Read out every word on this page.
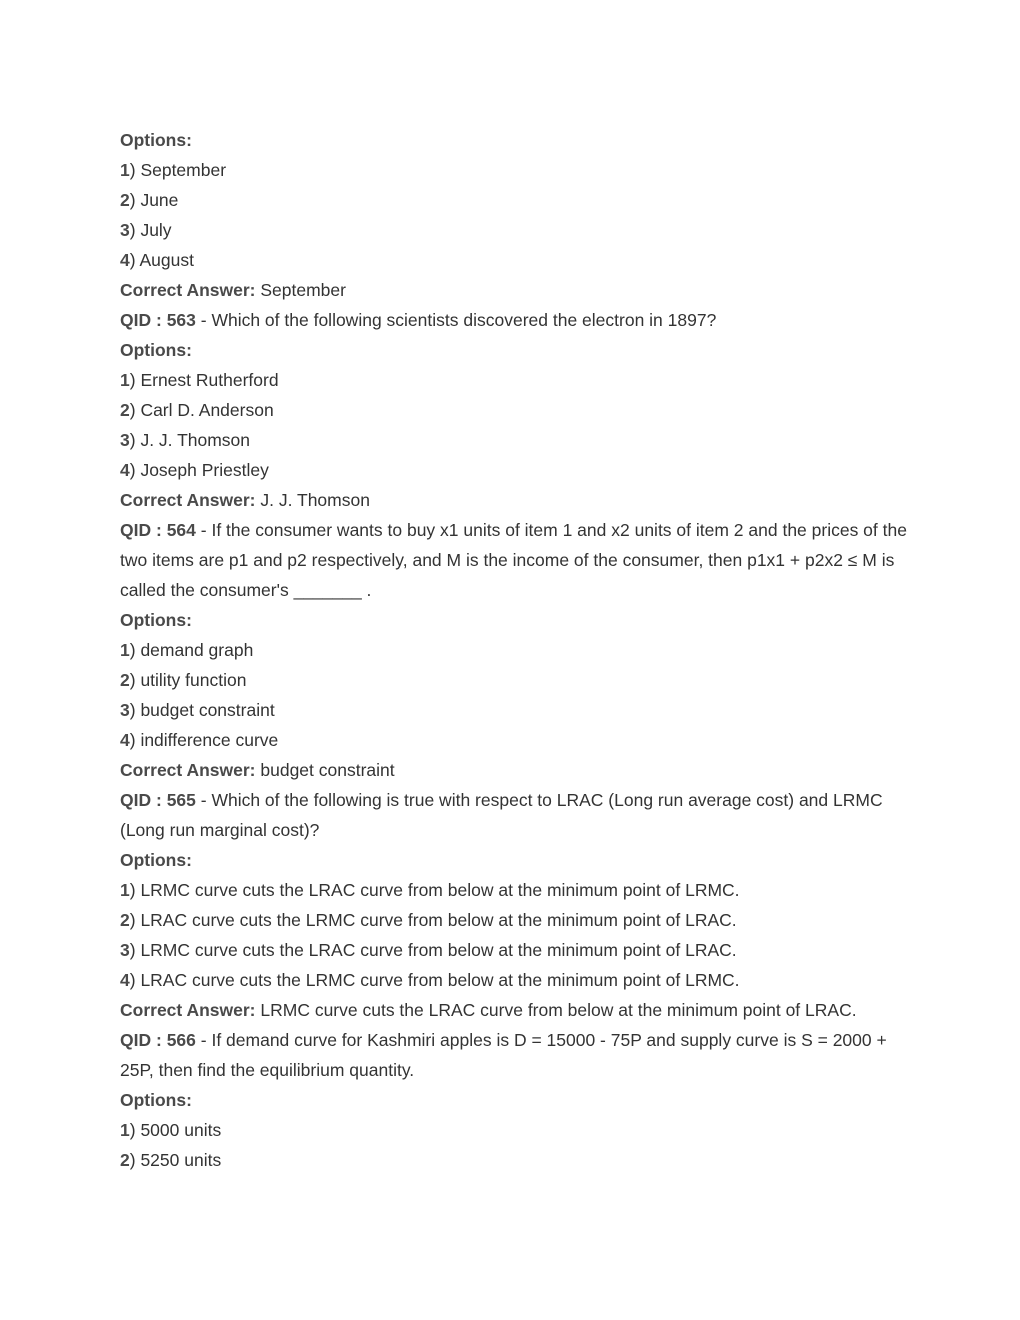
Options:
1) September
2) June
3) July
4) August
Correct Answer: September
QID : 563 - Which of the following scientists discovered the electron in 1897?
Options:
1) Ernest Rutherford
2) Carl D. Anderson
3) J. J. Thomson
4) Joseph Priestley
Correct Answer: J. J. Thomson
QID : 564 - If the consumer wants to buy x1 units of item 1 and x2 units of item 2 and the prices of the two items are p1 and p2 respectively, and M is the income of the consumer, then p1x1 + p2x2 ≤ M is called the consumer's _______ .
Options:
1) demand graph
2) utility function
3) budget constraint
4) indifference curve
Correct Answer: budget constraint
QID : 565 - Which of the following is true with respect to LRAC (Long run average cost) and LRMC (Long run marginal cost)?
Options:
1) LRMC curve cuts the LRAC curve from below at the minimum point of LRMC.
2) LRAC curve cuts the LRMC curve from below at the minimum point of LRAC.
3) LRMC curve cuts the LRAC curve from below at the minimum point of LRAC.
4) LRAC curve cuts the LRMC curve from below at the minimum point of LRMC.
Correct Answer: LRMC curve cuts the LRAC curve from below at the minimum point of LRAC.
QID : 566 - If demand curve for Kashmiri apples is D = 15000 - 75P and supply curve is S = 2000 + 25P, then find the equilibrium quantity.
Options:
1) 5000 units
2) 5250 units
